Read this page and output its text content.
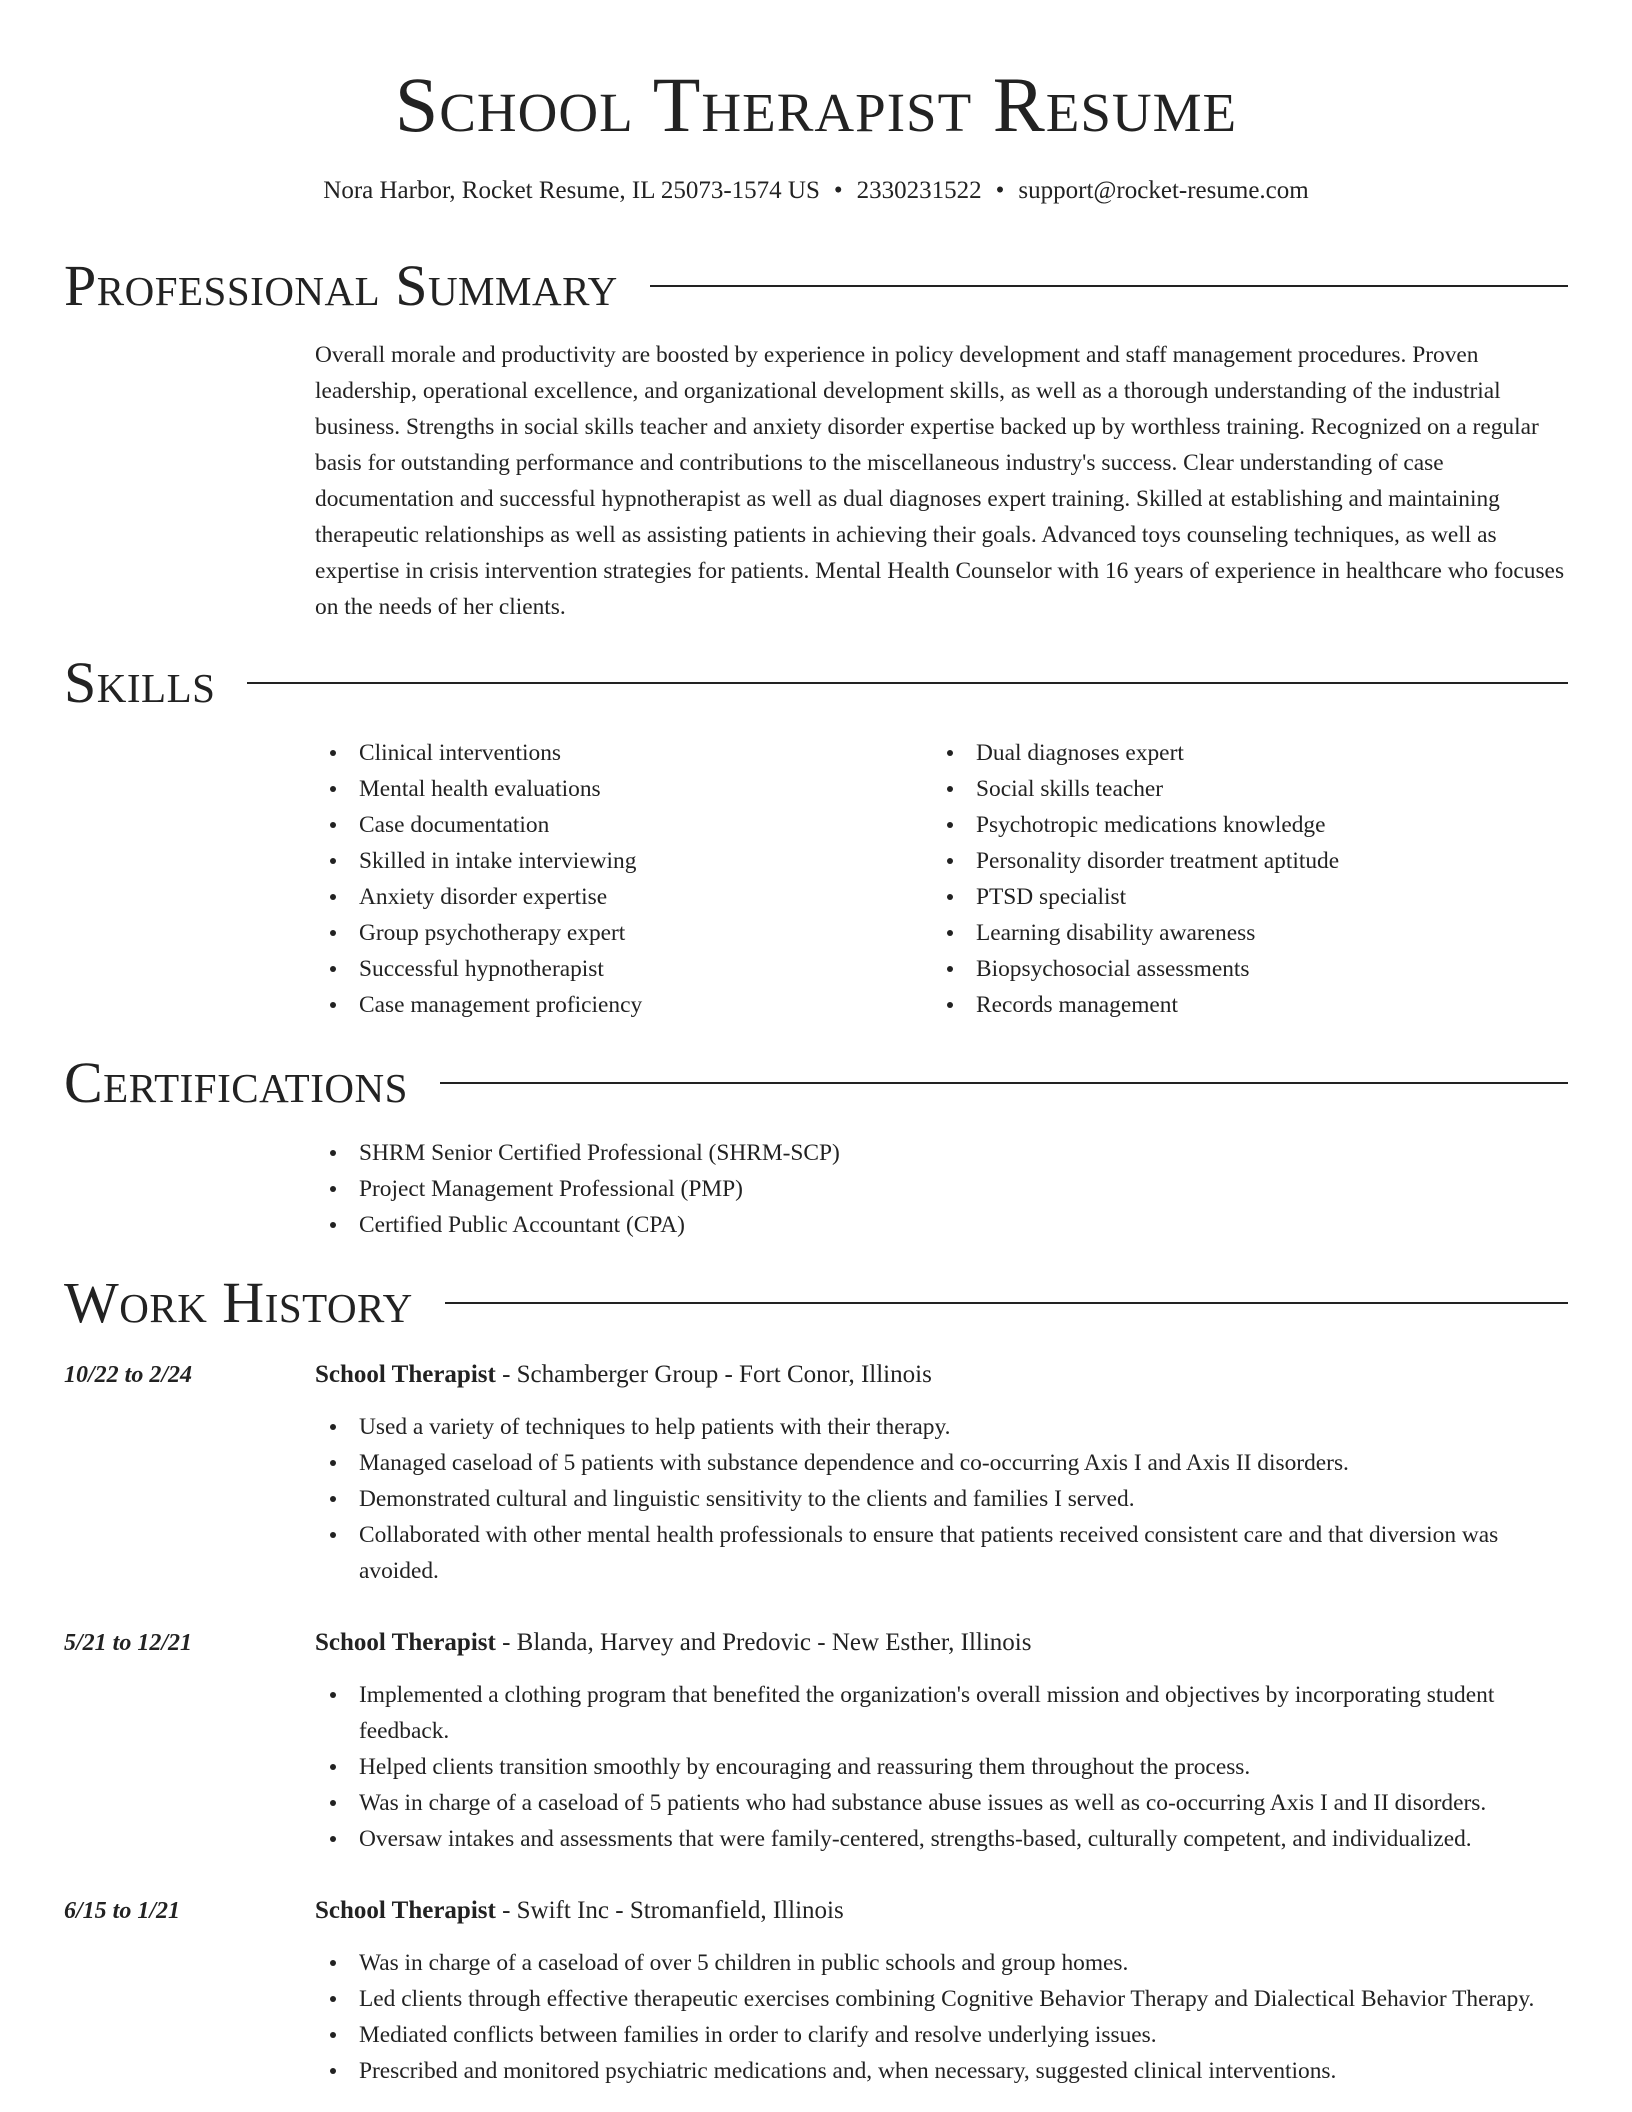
School Therapist Resume
Nora Harbor, Rocket Resume, IL 25073-1574 US • 2330231522 • support@rocket-resume.com
Professional Summary

Overall morale and productivity are boosted by experience in policy development and staff management procedures. Proven leadership, operational excellence, and organizational development skills, as well as a thorough understanding of the industrial business. Strengths in social skills teacher and anxiety disorder expertise backed up by worthless training. Recognized on a regular basis for outstanding performance and contributions to the miscellaneous industry's success. Clear understanding of case documentation and successful hypnotherapist as well as dual diagnoses expert training. Skilled at establishing and maintaining therapeutic relationships as well as assisting patients in achieving their goals. Advanced toys counseling techniques, as well as expertise in crisis intervention strategies for patients. Mental Health Counselor with 16 years of experience in healthcare who focuses on the needs of her clients.

Skills
Clinical interventions
Mental health evaluations
Case documentation
Skilled in intake interviewing
Anxiety disorder expertise
Group psychotherapy expert
Successful hypnotherapist
Case management proficiency
Dual diagnoses expert
Social skills teacher
Psychotropic medications knowledge
Personality disorder treatment aptitude
PTSD specialist
Learning disability awareness
Biopsychosocial assessments
Records management
Certifications
SHRM Senior Certified Professional (SHRM-SCP)
Project Management Professional (PMP)
Certified Public Accountant (CPA)
Work History
10/22 to 2/24	School Therapist - Schamberger Group - Fort Conor, Illinois
Used a variety of techniques to help patients with their therapy.
Managed caseload of 5 patients with substance dependence and co-occurring Axis I and Axis II disorders.
Demonstrated cultural and linguistic sensitivity to the clients and families I served.
Collaborated with other mental health professionals to ensure that patients received consistent care and that diversion was avoided.
5/21 to 12/21	School Therapist - Blanda, Harvey and Predovic - New Esther, Illinois
Implemented a clothing program that benefited the organization's overall mission and objectives by incorporating student feedback.
Helped clients transition smoothly by encouraging and reassuring them throughout the process.
Was in charge of a caseload of 5 patients who had substance abuse issues as well as co-occurring Axis I and II disorders.
Oversaw intakes and assessments that were family-centered, strengths-based, culturally competent, and individualized.
6/15 to 1/21	School Therapist - Swift Inc - Stromanfield, Illinois
Was in charge of a caseload of over 5 children in public schools and group homes.
Led clients through effective therapeutic exercises combining Cognitive Behavior Therapy and Dialectical Behavior Therapy.
Mediated conflicts between families in order to clarify and resolve underlying issues.
Prescribed and monitored psychiatric medications and, when necessary, suggested clinical interventions.
